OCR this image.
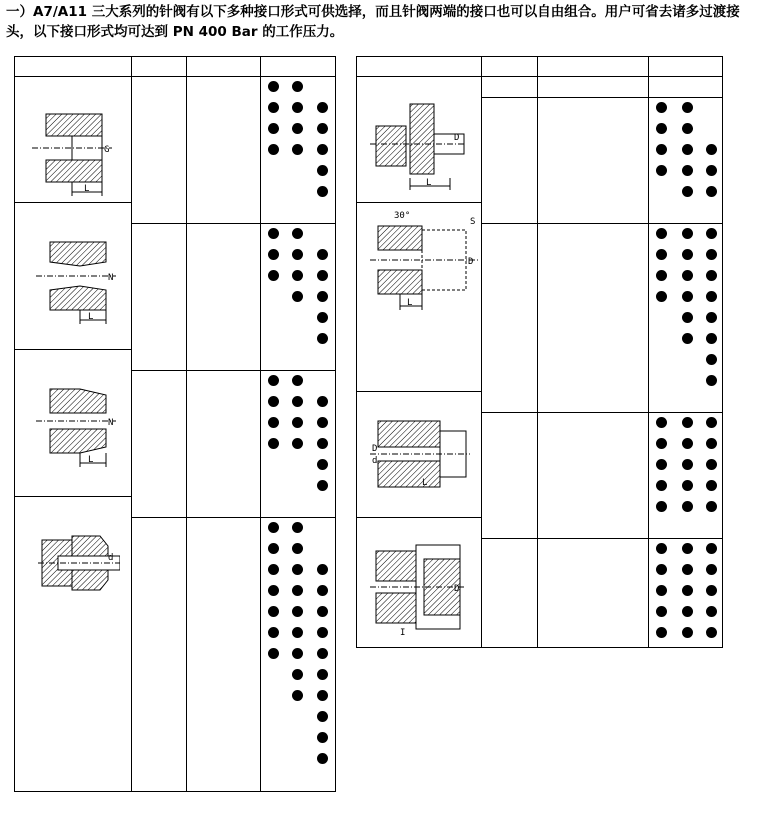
一）A7/A11 三大系列的针阀有以下多种接口形式可供选择，而且针阀两端的接口也可以自由组合。用户可省去诸多过渡接头，以下接口形式均可达到 PN 400 Bar 的工作压力。
L
G
L
N
L
N
d
L
D
30°
S
L
D
D
d
L
I
D
